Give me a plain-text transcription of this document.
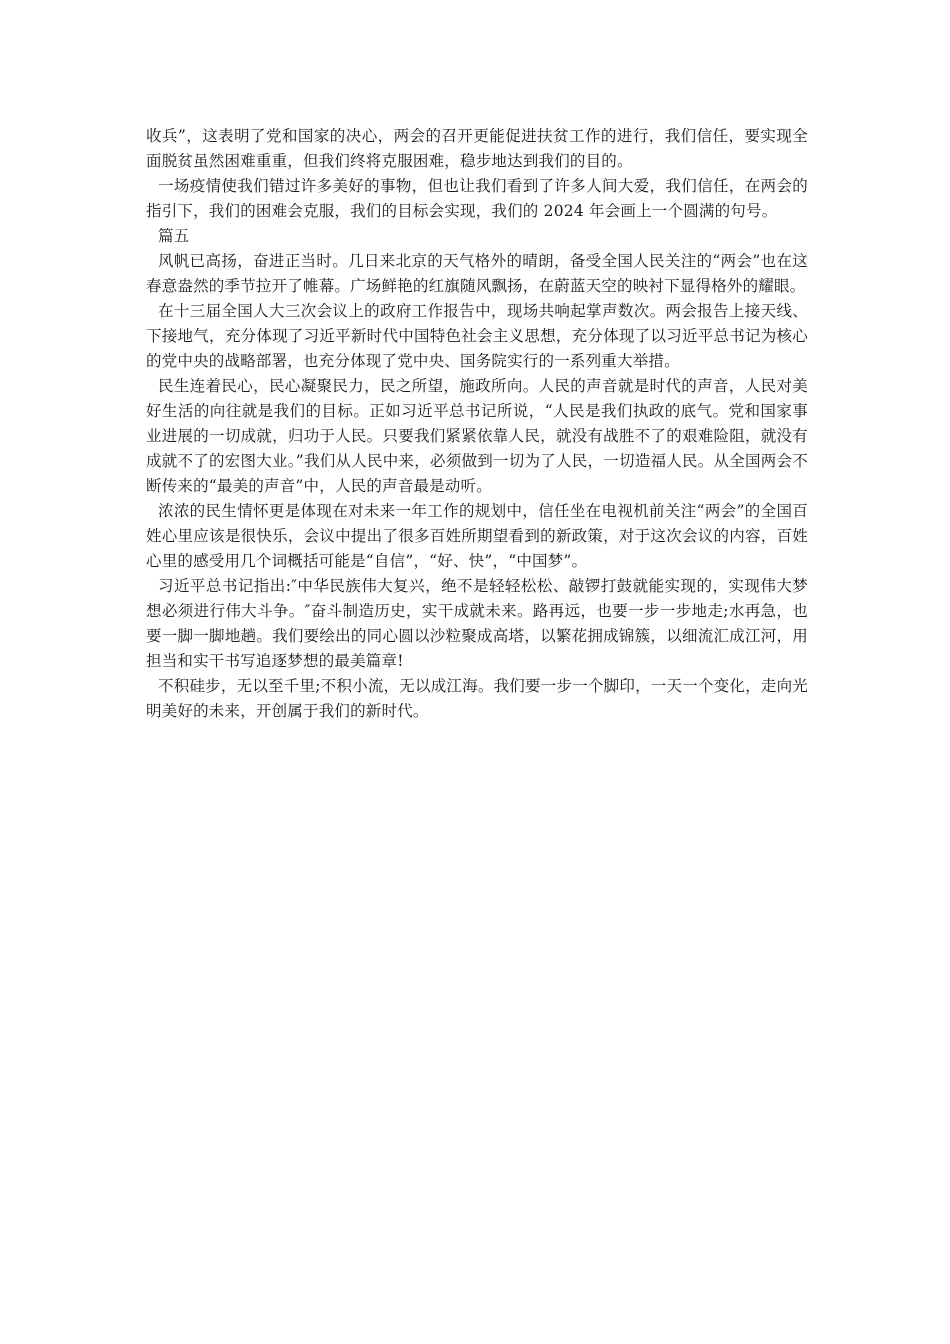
收兵”，这表明了党和国家的决心，两会的召开更能促进扶贫工作的进行，我们信任，要实现全面脱贫虽然困难重重，但我们终将克服困难，稳步地达到我们的目的。

一场疫情使我们错过许多美好的事物，但也让我们看到了许多人间大爱，我们信任，在两会的指引下，我们的困难会克服，我们的目标会实现，我们的 2024 年会画上一个圆满的句号。

篇五

风帆已高扬，奋进正当时。几日来北京的天气格外的晴朗，备受全国人民关注的“两会”也在这春意盎然的季节拉开了帷幕。广场鲜艳的红旗随风飘扬，在蔚蓝天空的映衬下显得格外的耀眼。

在十三届全国人大三次会议上的政府工作报告中，现场共响起掌声数次。两会报告上接天线、下接地气，充分体现了习近平新时代中国特色社会主义思想，充分体现了以习近平总书记为核心的党中央的战略部署，也充分体现了党中央、国务院实行的一系列重大举措。

民生连着民心，民心凝聚民力，民之所望，施政所向。人民的声音就是时代的声音，人民对美好生活的向往就是我们的目标。正如习近平总书记所说，“人民是我们执政的底气。党和国家事业进展的一切成就，归功于人民。只要我们紧紧依靠人民，就没有战胜不了的艰难险阻，就没有成就不了的宏图大业。”我们从人民中来，必须做到一切为了人民，一切造福人民。从全国两会不断传来的“最美的声音”中，人民的声音最是动听。

浓浓的民生情怀更是体现在对未来一年工作的规划中，信任坐在电视机前关注“两会”的全国百姓心里应该是很快乐，会议中提出了很多百姓所期望看到的新政策，对于这次会议的内容，百姓心里的感受用几个词概括可能是“自信”，“好、快”，“中国梦”。

习近平总书记指出:″中华民族伟大复兴，绝不是轻轻松松、敲锣打鼓就能实现的，实现伟大梦想必须进行伟大斗争。″奋斗制造历史，实干成就未来。路再远，也要一步一步地走;水再急，也要一脚一脚地趟。我们要绘出的同心圆以沙粒聚成高塔，以繁花拥成锦簇，以细流汇成江河，用担当和实干书写追逐梦想的最美篇章!

不积硅步，无以至千里;不积小流，无以成江海。我们要一步一个脚印，一天一个变化，走向光明美好的未来，开创属于我们的新时代。
